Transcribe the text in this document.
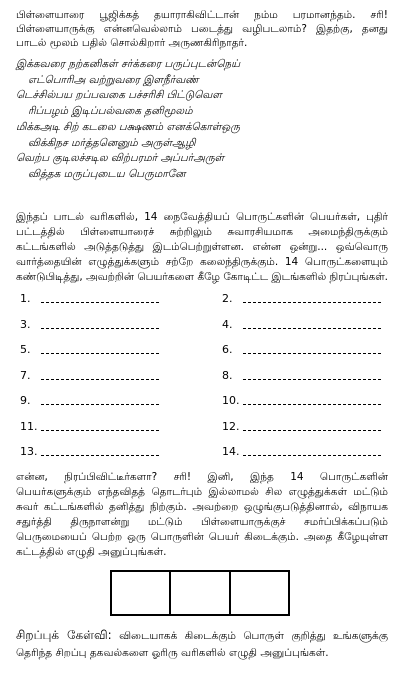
பிள்ளையாரை பூஜிக்கத் தயாராகிவிட்டான் நம்ம பரமானந்தம். சரி! பிள்ளையாருக்கு என்னவெல்லாம் படைத்து வழிபடலாம்? இதற்கு, தனது பாடல் மூலம் பதில் சொல்கிறார் அருணகிரிநாதர்.
இக்கவரை நற்கனிகள் சர்க்கரை பருப்புடன்நெய்
எட்பொரிஅ வற்றுவரை இளநீர்வண்
டெச்சில்பய றப்பவகை பச்சரிசி பிட்டுவெள
ரிப்பழம் இடிப்பல்வகை தனிமூலம்
மிக்கஅடி சிற் கடலை பக்ஷணம் எனக்கொள்ஒரு
விக்கிநச மர்த்தனெனும் அருள்ஆழி
வெற்ப குடிலச்சடில விற்பரமர் அப்பர்அருள்
வித்தக மருப்புடைய பெருமானே
இந்தப் பாடல் வரிகளில், 14 நைவேத்தியப் பொருட்களின் பெயர்கள், புதிர் பட்டத்தில் பிள்ளையாரைச் சுற்றிலும் சுவாரசியமாக அமைந்திருக்கும் கட்டங்களில் அடுத்தடுத்து இடம்பெற்றுள்ளன. என்ன ஒன்று... ஒவ்வொரு வார்த்தையின் எழுத்துக்களும் சற்றே கலைந்திருக்கும். 14 பொருட்களையும் கண்டுபிடித்து, அவற்றின் பெயர்களை கீழே கோடிட்ட இடங்களில் நிரப்புங்கள்.
1.	2.
3.	4.
5.	6.
7.	8.
9.	10.
11.	12.
13.	14.
என்ன, நிரப்பிவிட்டீர்களா? சரி! இனி, இந்த 14 பொருட்களின் பெயர்களுக்கும் எந்தவிதத் தொடர்பும் இல்லாமல் சில எழுத்துக்கள் மட்டும் சுவர் கட்டங்களில் தனித்து நிற்கும். அவற்றை ஒழுங்குபடுத்தினால், விநாயக சதுர்த்தி திருநாளன்று மட்டும் பிள்ளையாருக்குச் சமர்ப்பிக்கப்படும் பெருமையைப் பெற்ற ஒரு பொருளின் பெயர் கிடைக்கும். அதை கீழேயுள்ள கட்டத்தில் எழுதி அனுப்புங்கள்.
சிறப்புக் கேள்வி: விடையாகக் கிடைக்கும் பொருள் குறித்து உங்களுக்கு தெரிந்த சிறப்பு தகவல்களை ஓரிரு வரிகளில் எழுதி அனுப்புங்கள்.
